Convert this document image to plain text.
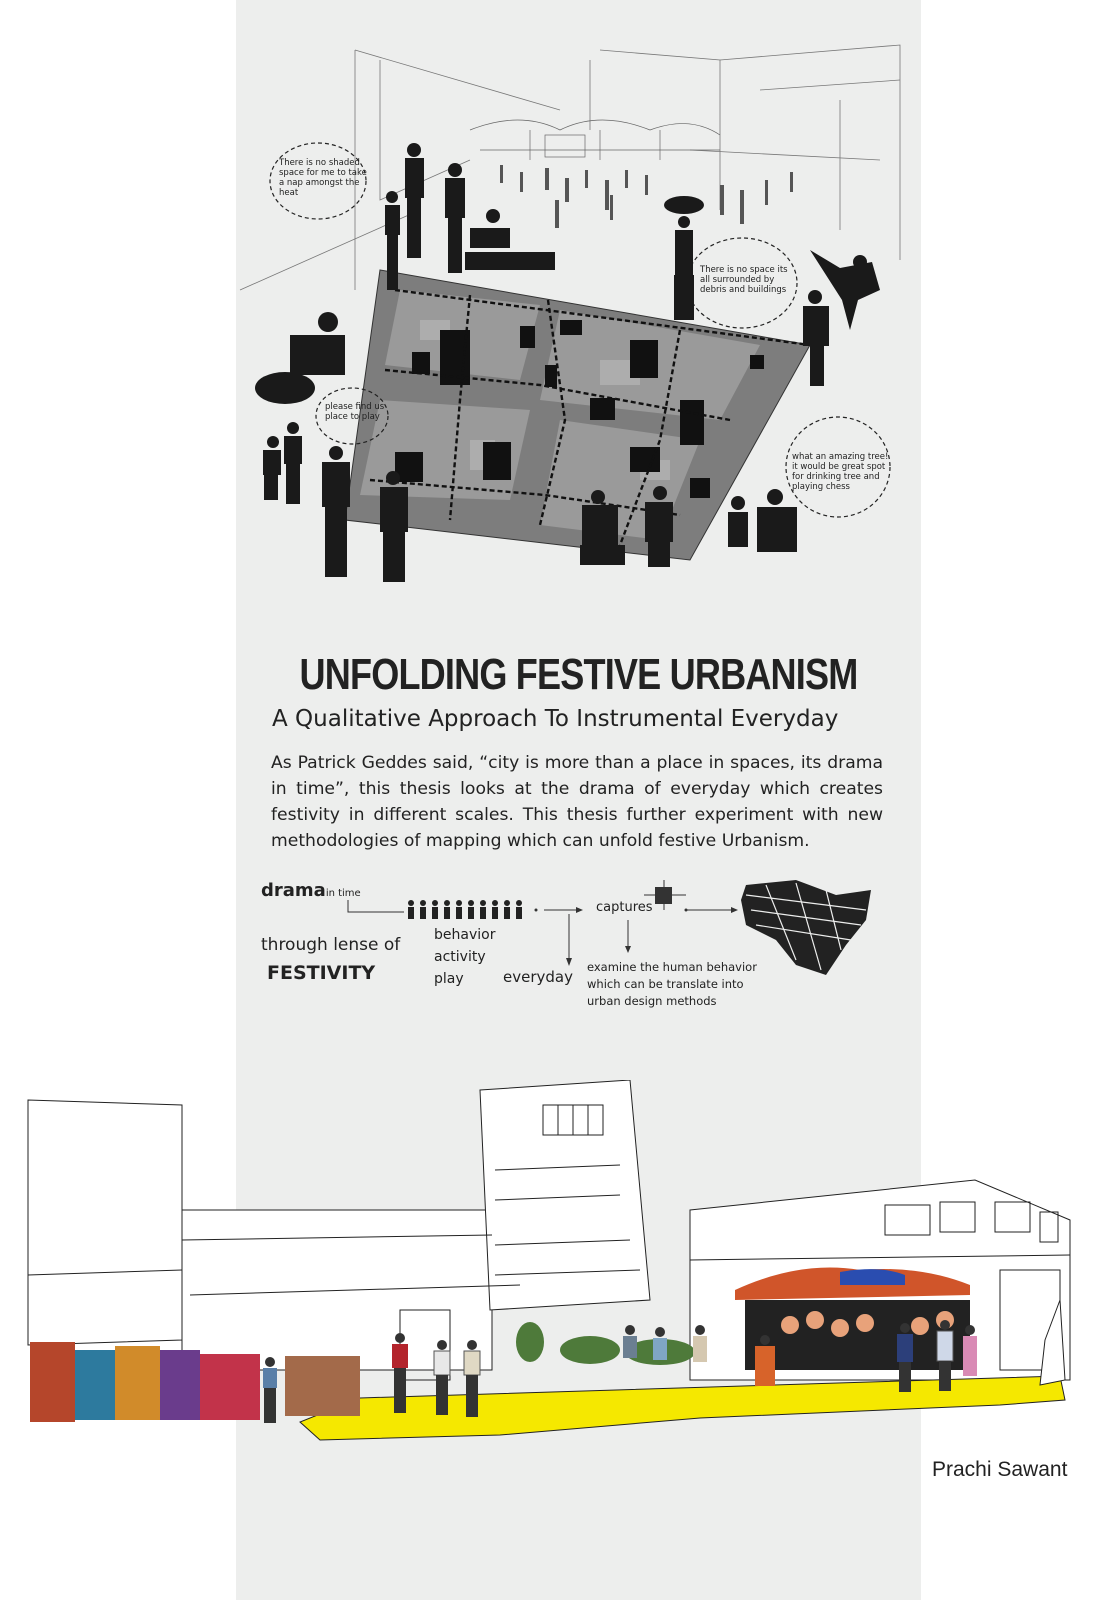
There is no shaded space for me to take a nap amongst the heat
There is no space its all surrounded by debris and buildings
please find us place to play
what an amazing tree! it would be great spot for drinking tree and playing chess
UNFOLDING FESTIVE URBANISM
A Qualitative Approach To Instrumental Everyday
As Patrick Geddes said, “city is more than a place in spaces, its drama in time”, this thesis looks at the drama of everyday which creates festivity in different scales. This thesis further experiment with new methodologies of mapping which can unfold festive Urbanism.
dramain time
through lense of
FESTIVITY
behavior
activity
play	everyday
captures
examine the human behavior
which can be translate into
urban design methods
Prachi Sawant
